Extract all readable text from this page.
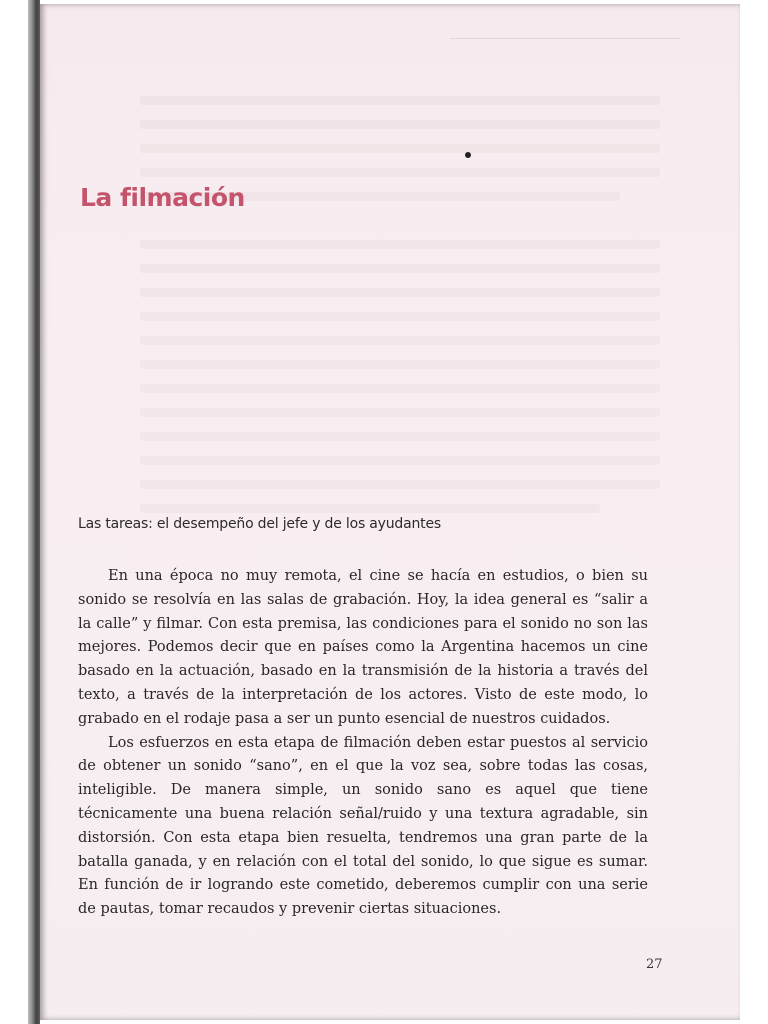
La filmación
Las tareas: el desempeño del jefe y de los ayudantes

En una época no muy remota, el cine se hacía en estudios, o bien su sonido se resolvía en las salas de grabación. Hoy, la idea general es “salir a la calle” y filmar. Con esta premisa, las condiciones para el sonido no son las mejores. Podemos decir que en países como la Argentina hacemos un cine basado en la actuación, basado en la transmisión de la historia a través del texto, a través de la interpretación de los actores. Visto de este modo, lo grabado en el rodaje pasa a ser un punto esencial de nuestros cuidados.

Los esfuerzos en esta etapa de filmación deben estar puestos al servicio de obtener un sonido “sano”, en el que la voz sea, sobre todas las cosas, inteligible. De manera simple, un sonido sano es aquel que tiene técnicamente una buena relación señal/ruido y una textura agradable, sin distorsión. Con esta etapa bien resuelta, tendremos una gran parte de la batalla ganada, y en relación con el total del sonido, lo que sigue es sumar. En función de ir logrando este cometido, deberemos cumplir con una serie de pautas, tomar recaudos y prevenir ciertas situaciones.

27
